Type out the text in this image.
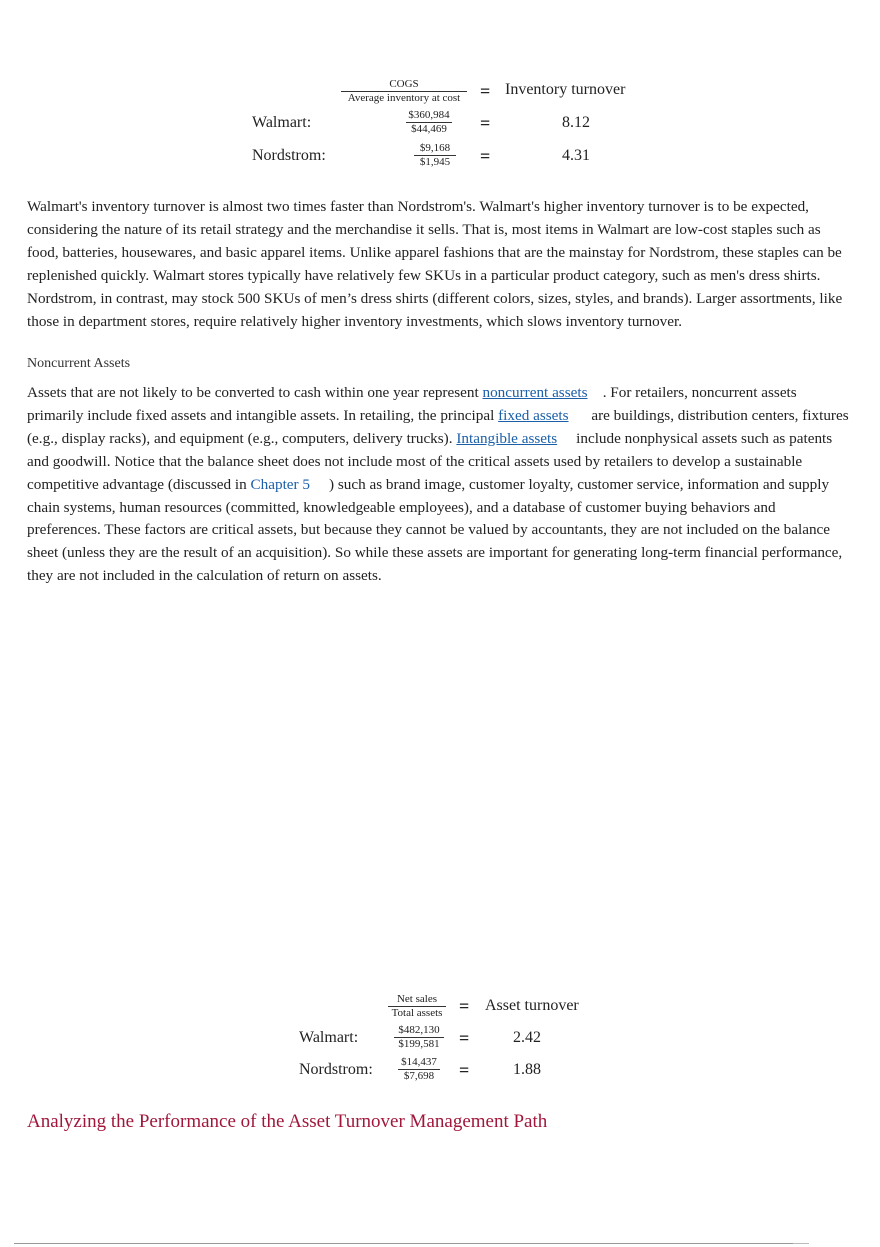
COGS
Average inventory at cost	= Inventory turnover
Walmart:	$\frac{\$360,984}{\$44,469}$ =	8.12
Nordstrom:	$\frac{\$9,168}{\$1,945}$ =	4.31

Walmart's inventory turnover is almost two times faster than Nordstrom's. Walmart's higher inventory turnover is to be expected, considering the nature of its retail strategy and the merchandise it sells. That is, most items in Walmart are low-cost staples such as food, batteries, housewares, and basic apparel items. Unlike apparel fashions that are the mainstay for Nordstrom, these staples can be replenished quickly. Walmart stores typically have relatively few SKUs in a particular product category, such as men's dress shirts. Nordstrom, in contrast, may stock 500 SKUs of men’s dress shirts (different colors, sizes, styles, and brands). Larger assortments, like those in department stores, require relatively higher inventory investments, which slows inventory turnover.

Noncurrent Assets

Assets that are not likely to be converted to cash within one year represent noncurrent assets    . For retailers, noncurrent assets primarily include fixed assets and intangible assets. In retailing, the principal fixed assets      are buildings, distribution centers, fixtures (e.g., display racks), and equipment (e.g., computers, delivery trucks). Intangible assets     include nonphysical assets such as patents and goodwill. Notice that the balance sheet does not include most of the critical assets used by retailers to develop a sustainable competitive advantage (discussed in Chapter 5     ) such as brand image, customer loyalty, customer service, information and supply chain systems, human resources (committed, knowledgeable employees), and a database of customer buying behaviors and preferences. These factors are critical assets, but because they cannot be valued by accountants, they are not included on the balance sheet (unless they are the result of an acquisition). So while these assets are important for generating long-term financial performance, they are not included in the calculation of return on assets.

Net sales
Total assets = Asset turnover
Walmart:	$\frac{\$482,130}{\$199,581}$ =	2.42
Nordstrom: $\frac{\$14,437}{\$7,698}$ =	1.88
Analyzing the Performance of the Asset Turnover Management Path
